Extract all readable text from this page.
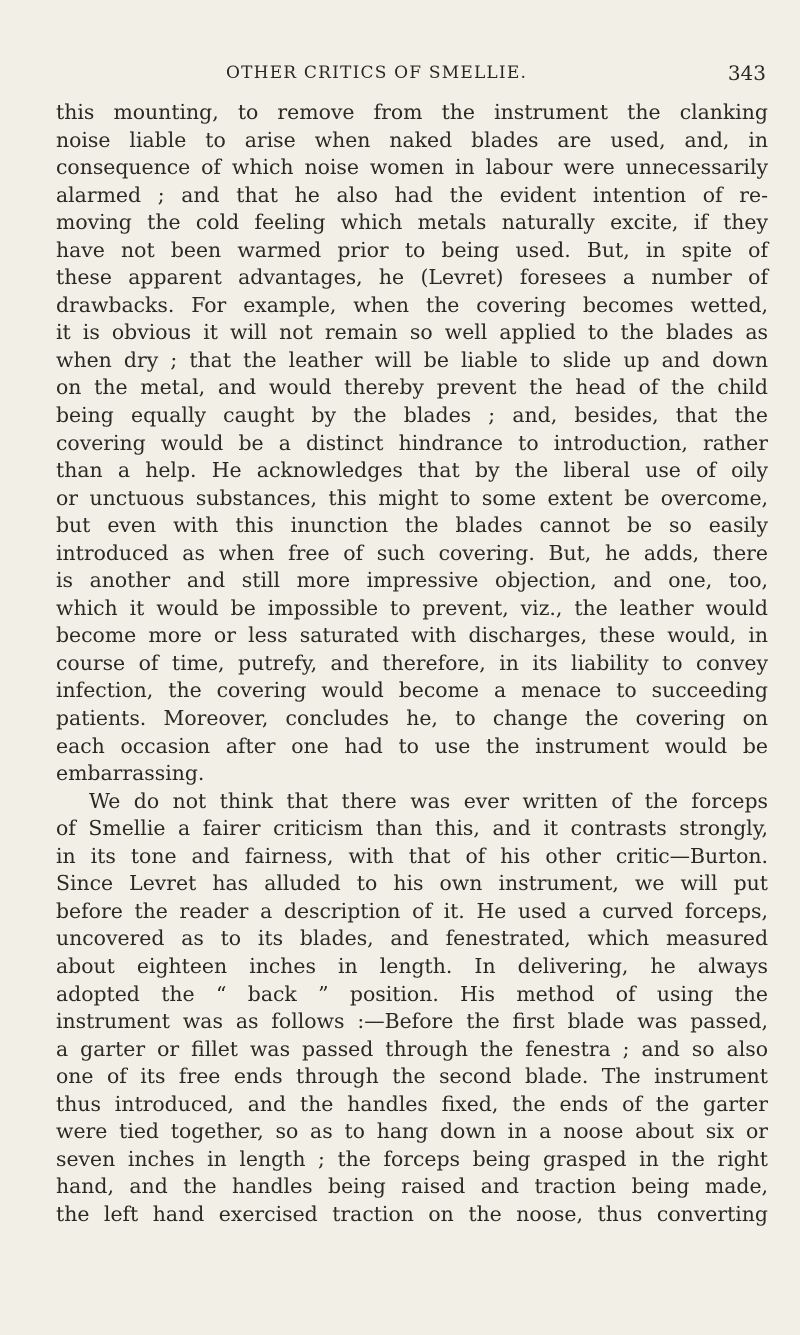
OTHER CRITICS OF SMELLIE.	343
this mounting, to remove from the instrument the clanking
noise liable to arise when naked blades are used, and, in
consequence of which noise women in labour were unnecessarily
alarmed ; and that he also had the evident intention of re-
moving the cold feeling which metals naturally excite, if they
have not been warmed prior to being used. But, in spite of
these apparent advantages, he (Levret) foresees a number of
drawbacks. For example, when the covering becomes wetted,
it is obvious it will not remain so well applied to the blades as
when dry ; that the leather will be liable to slide up and down
on the metal, and would thereby prevent the head of the child
being equally caught by the blades ; and, besides, that the
covering would be a distinct hindrance to introduction, rather
than a help. He acknowledges that by the liberal use of oily
or unctuous substances, this might to some extent be overcome,
but even with this inunction the blades cannot be so easily
introduced as when free of such covering. But, he adds, there
is another and still more impressive objection, and one, too,
which it would be impossible to prevent, viz., the leather would
become more or less saturated with discharges, these would, in
course of time, putrefy, and therefore, in its liability to convey
infection, the covering would become a menace to succeeding
patients. Moreover, concludes he, to change the covering on
each occasion after one had to use the instrument would be
embarrassing.
We do not think that there was ever written of the forceps
of Smellie a fairer criticism than this, and it contrasts strongly,
in its tone and fairness, with that of his other critic—Burton.
Since Levret has alluded to his own instrument, we will put
before the reader a description of it. He used a curved forceps,
uncovered as to its blades, and fenestrated, which measured
about eighteen inches in length. In delivering, he always
adopted the “ back ” position. His method of using the
instrument was as follows :—Before the first blade was passed,
a garter or fillet was passed through the fenestra ; and so also
one of its free ends through the second blade. The instrument
thus introduced, and the handles fixed, the ends of the garter
were tied together, so as to hang down in a noose about six or
seven inches in length ; the forceps being grasped in the right
hand, and the handles being raised and traction being made,
the left hand exercised traction on the noose, thus converting
